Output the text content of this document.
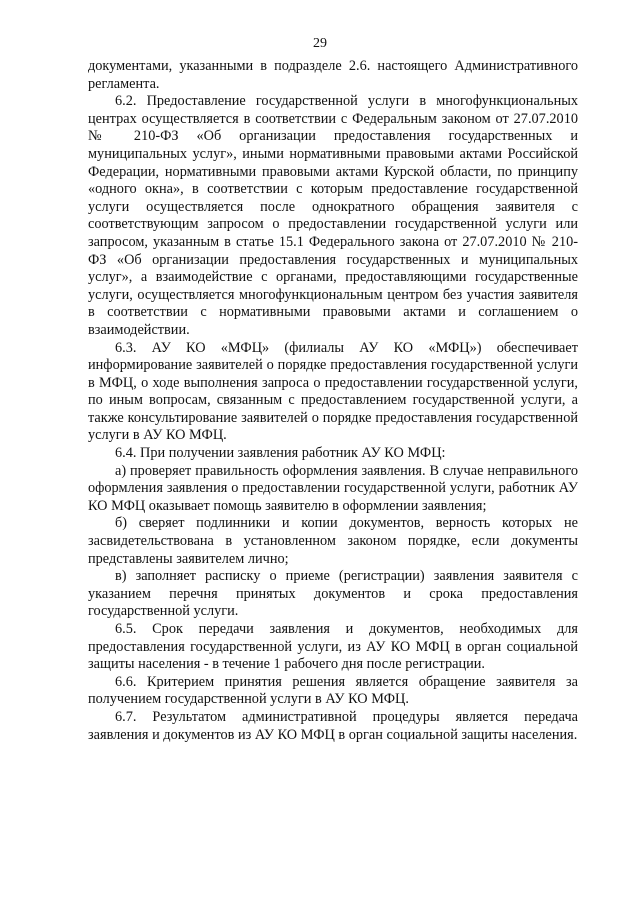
29

документами, указанными в подразделе 2.6. настоящего Административного регламента.

6.2. Предоставление государственной услуги в многофункциональных центрах осуществляется в соответствии с Федеральным законом от 27.07.2010 № 210-ФЗ «Об организации предоставления государственных и муниципальных услуг», иными нормативными правовыми актами Российской Федерации, нормативными правовыми актами Курской области, по принципу «одного окна», в соответствии с которым предоставление государственной услуги осуществляется после однократного обращения заявителя с соответствующим запросом о предоставлении государственной услуги или запросом, указанным в статье 15.1 Федерального закона от 27.07.2010 № 210-ФЗ «Об организации предоставления государственных и муниципальных услуг», а взаимодействие с органами, предоставляющими государственные услуги, осуществляется многофункциональным центром без участия заявителя в соответствии с нормативными правовыми актами и соглашением о взаимодействии.

6.3. АУ КО «МФЦ» (филиалы АУ КО «МФЦ») обеспечивает информирование заявителей о порядке предоставления государственной услуги в МФЦ, о ходе выполнения запроса о предоставлении государственной услуги, по иным вопросам, связанным с предоставлением государственной услуги, а также консультирование заявителей о порядке предоставления государственной услуги в АУ КО МФЦ.

6.4. При получении заявления работник АУ КО МФЦ:

а) проверяет правильность оформления заявления. В случае неправильного оформления заявления о предоставлении государственной услуги, работник АУ КО МФЦ оказывает помощь заявителю в оформлении заявления;

б) сверяет подлинники и копии документов, верность которых не засвидетельствована в установленном законом порядке, если документы представлены заявителем лично;

в) заполняет расписку о приеме (регистрации) заявления заявителя с указанием перечня принятых документов и срока предоставления государственной услуги.

6.5. Срок передачи заявления и документов, необходимых для предоставления государственной услуги, из АУ КО МФЦ в орган социальной защиты населения - в течение 1 рабочего дня после регистрации.

6.6. Критерием принятия решения является обращение заявителя за получением государственной услуги в АУ КО МФЦ.

6.7. Результатом административной процедуры является передача заявления и документов из АУ КО МФЦ в орган социальной защиты населения.
